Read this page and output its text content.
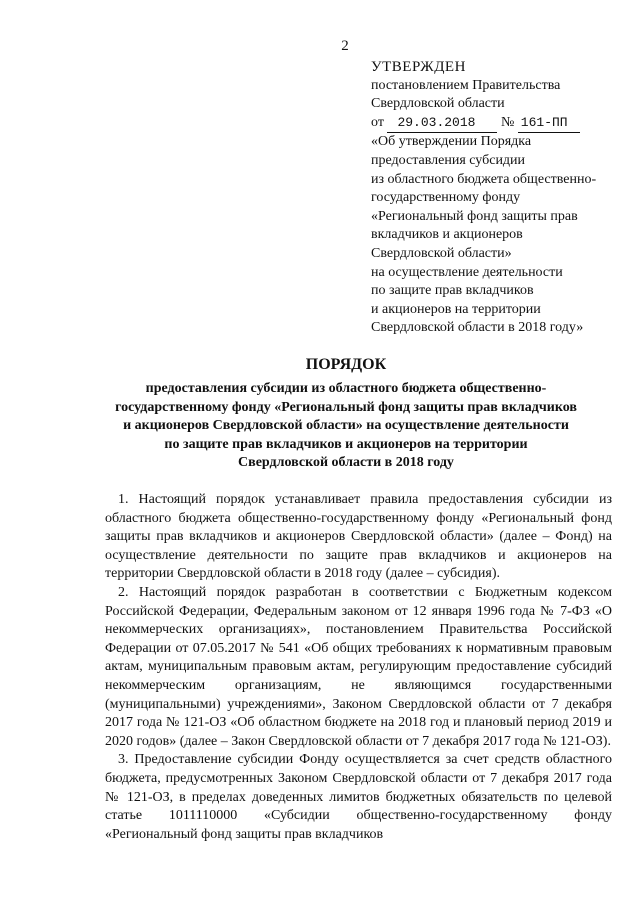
2
УТВЕРЖДЕН
постановлением Правительства
Свердловской области
от 29.03.2018 № 161-ПП
«Об утверждении Порядка
предоставления субсидии
из областного бюджета общественно-
государственному фонду
«Региональный фонд защиты прав
вкладчиков и акционеров
Свердловской области»
на осуществление деятельности
по защите прав вкладчиков
и акционеров на территории
Свердловской области в 2018 году»
ПОРЯДОК
предоставления субсидии из областного бюджета общественно-
государственному фонду «Региональный фонд защиты прав вкладчиков
и акционеров Свердловской области» на осуществление деятельности
по защите прав вкладчиков и акционеров на территории
Свердловской области в 2018 году

1. Настоящий порядок устанавливает правила предоставления субсидии из областного бюджета общественно-государственному фонду «Региональный фонд защиты прав вкладчиков и акционеров Свердловской области» (далее – Фонд) на осуществление деятельности по защите прав вкладчиков и акционеров на территории Свердловской области в 2018 году (далее – субсидия).

2. Настоящий порядок разработан в соответствии с Бюджетным кодексом Российской Федерации, Федеральным законом от 12 января 1996 года № 7-ФЗ «О некоммерческих организациях», постановлением Правительства Российской Федерации от 07.05.2017 № 541 «Об общих требованиях к нормативным правовым актам, муниципальным правовым актам, регулирующим предоставление субсидий некоммерческим организациям, не являющимся государственными (муниципальными) учреждениями», Законом Свердловской области от 7 декабря 2017 года № 121-ОЗ «Об областном бюджете на 2018 год и плановый период 2019 и 2020 годов» (далее – Закон Свердловской области от 7 декабря 2017 года № 121-ОЗ).

3. Предоставление субсидии Фонду осуществляется за счет средств областного бюджета, предусмотренных Законом Свердловской области от 7 декабря 2017 года № 121-ОЗ, в пределах доведенных лимитов бюджетных обязательств по целевой статье 1011110000 «Субсидии общественно-государственному фонду «Региональный фонд защиты прав вкладчиков
